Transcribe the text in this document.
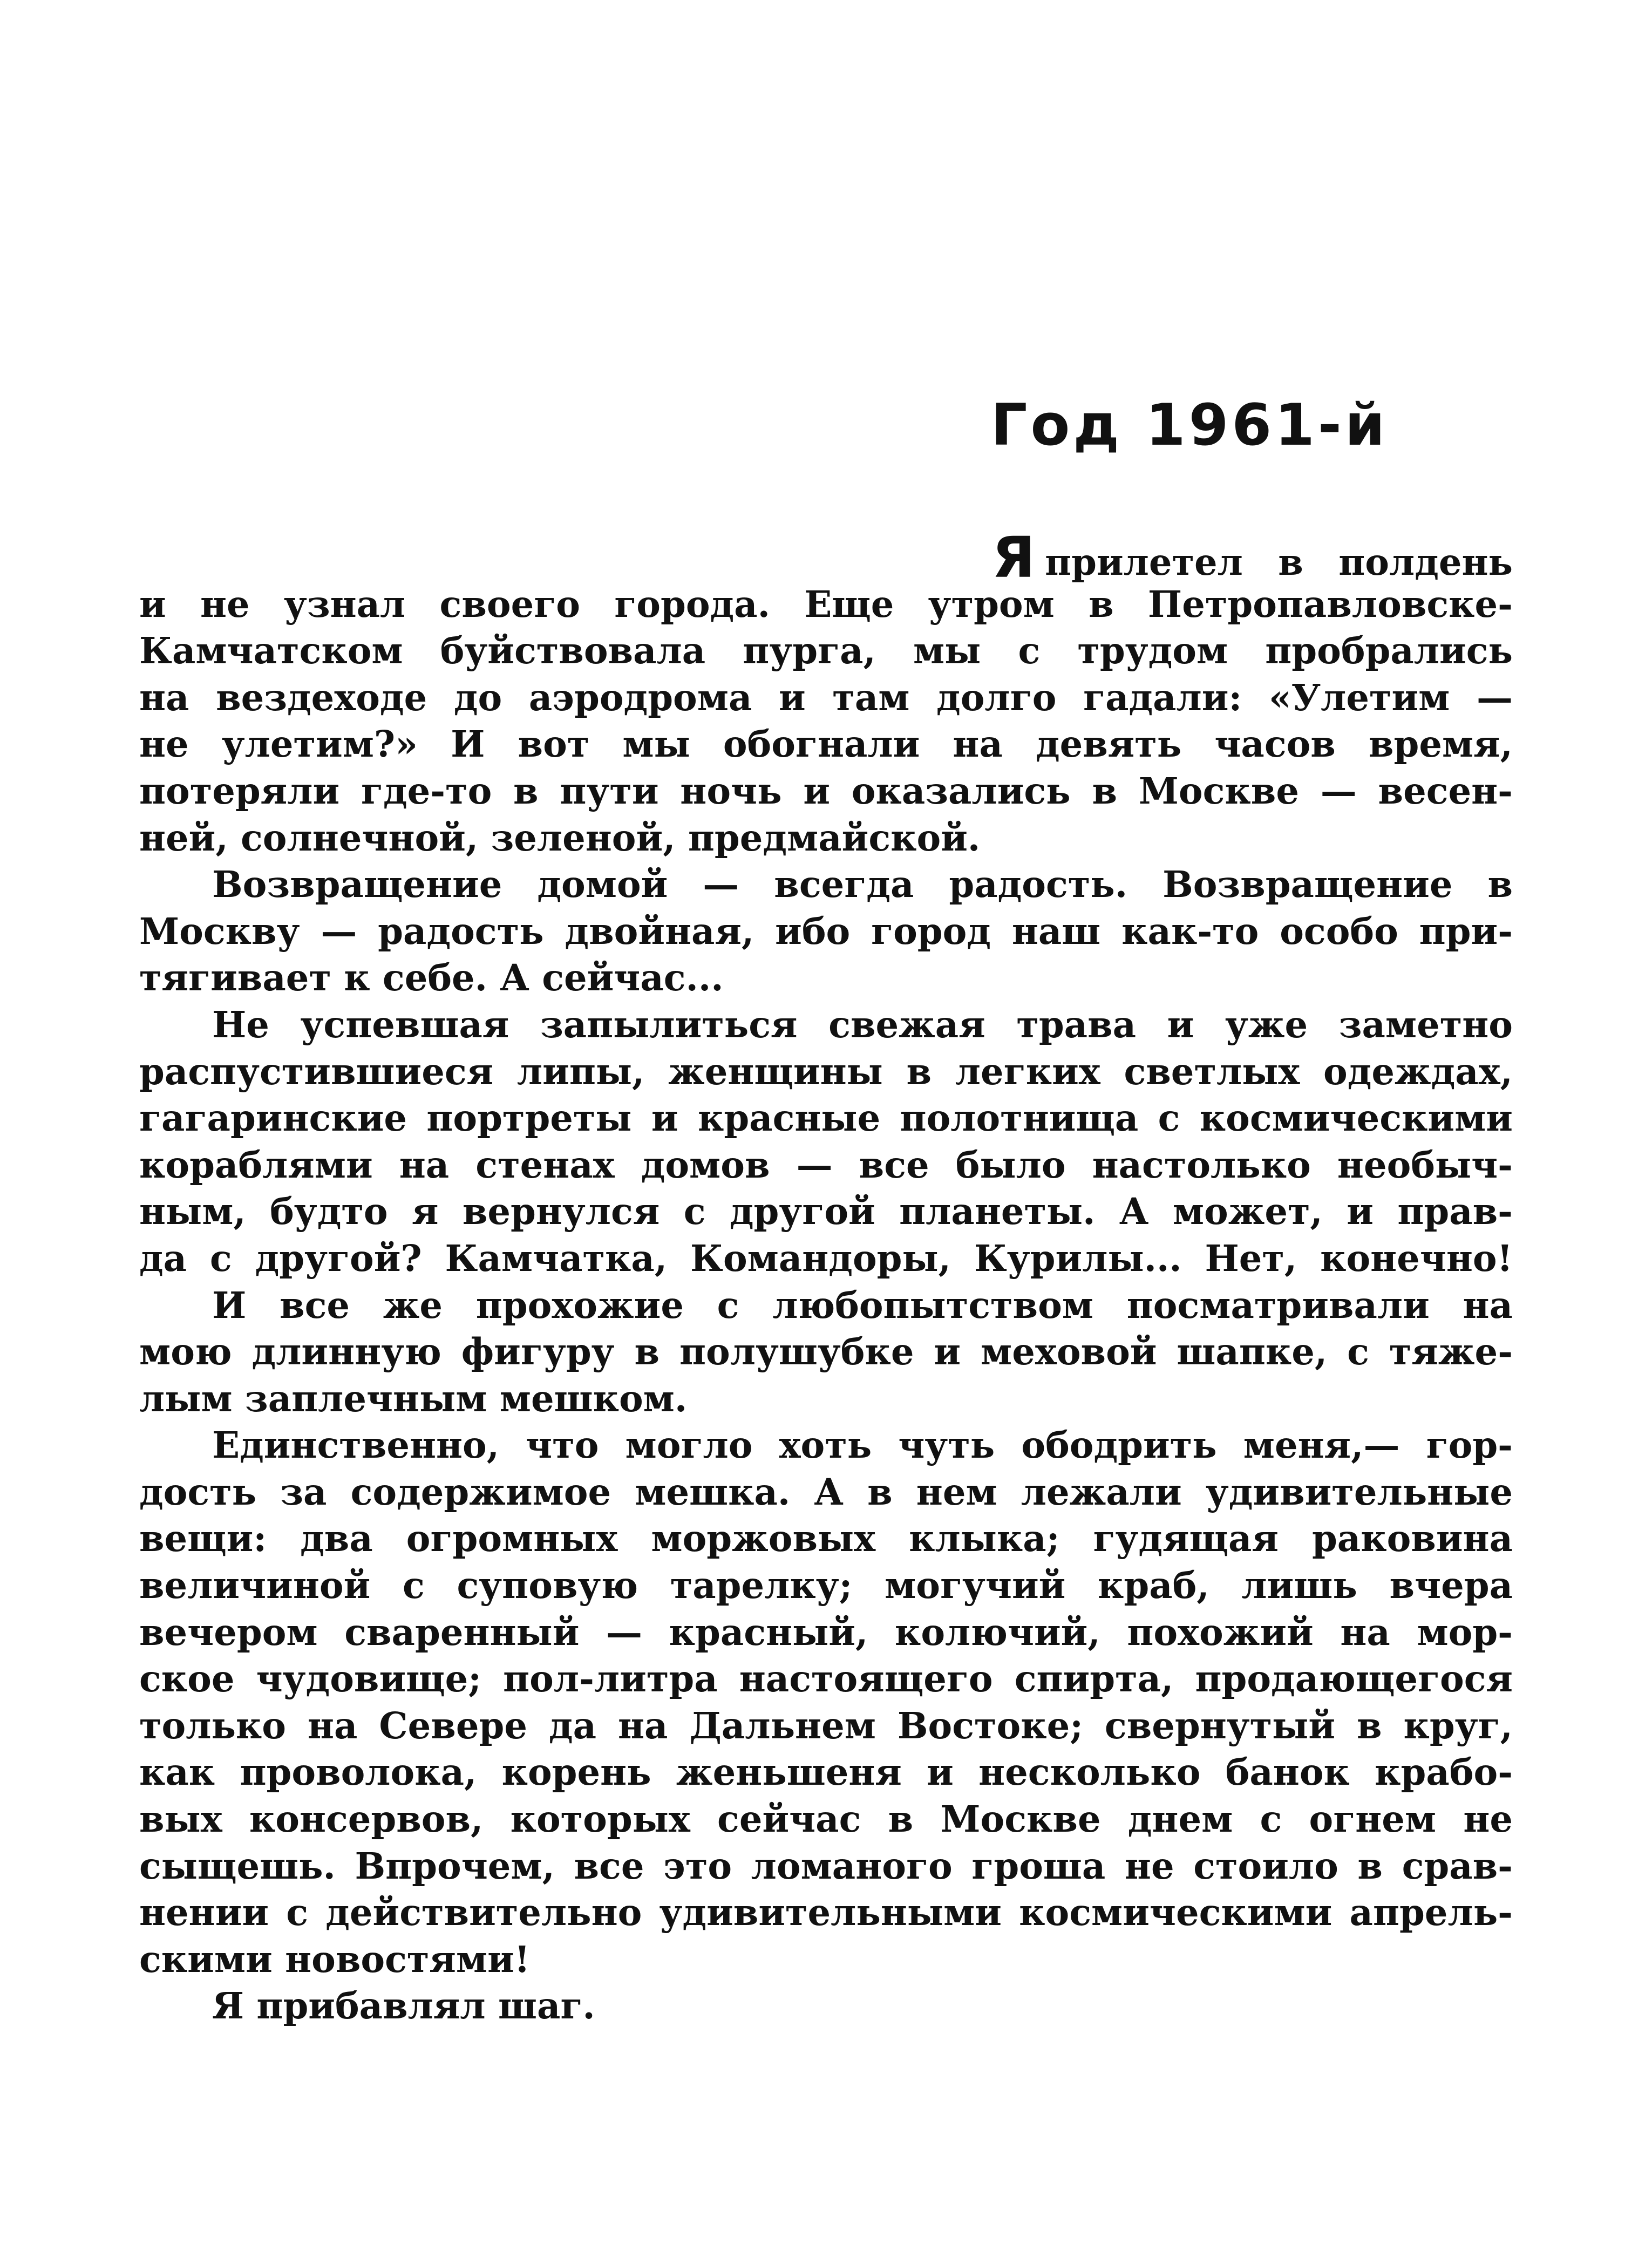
Год 1961-й
Яприлетел в полдень
и не узнал своего города. Еще утром в Петропавловске-
Камчатском буйствовала пурга, мы с трудом пробрались
на вездеходе до аэродрома и там долго гадали: «Улетим —
не улетим?» И вот мы обогнали на девять часов время,
потеряли где-то в пути ночь и оказались в Москве — весен-
ней, солнечной, зеленой, предмайской.
Возвращение домой — всегда радость. Возвращение в
Москву — радость двойная, ибо город наш как-то особо при-
тягивает к себе. А сейчас...
Не успевшая запылиться свежая трава и уже заметно
распустившиеся липы, женщины в легких светлых одеждах,
гагаринские портреты и красные полотнища с космическими
кораблями на стенах домов — все было настолько необыч-
ным, будто я вернулся с другой планеты. А может, и прав-
да с другой? Камчатка, Командоры, Курилы... Нет, конечно!
И все же прохожие с любопытством посматривали на
мою длинную фигуру в полушубке и меховой шапке, с тяже-
лым заплечным мешком.
Единственно, что могло хоть чуть ободрить меня,— гор-
дость за содержимое мешка. А в нем лежали удивительные
вещи: два огромных моржовых клыка; гудящая раковина
величиной с суповую тарелку; могучий краб, лишь вчера
вечером сваренный — красный, колючий, похожий на мор-
ское чудовище; пол-литра настоящего спирта, продающегося
только на Севере да на Дальнем Востоке; свернутый в круг,
как проволока, корень женьшеня и несколько банок крабо-
вых консервов, которых сейчас в Москве днем с огнем не
сыщешь. Впрочем, все это ломаного гроша не стоило в срав-
нении с действительно удивительными космическими апрель-
скими новостями!
Я прибавлял шаг.
